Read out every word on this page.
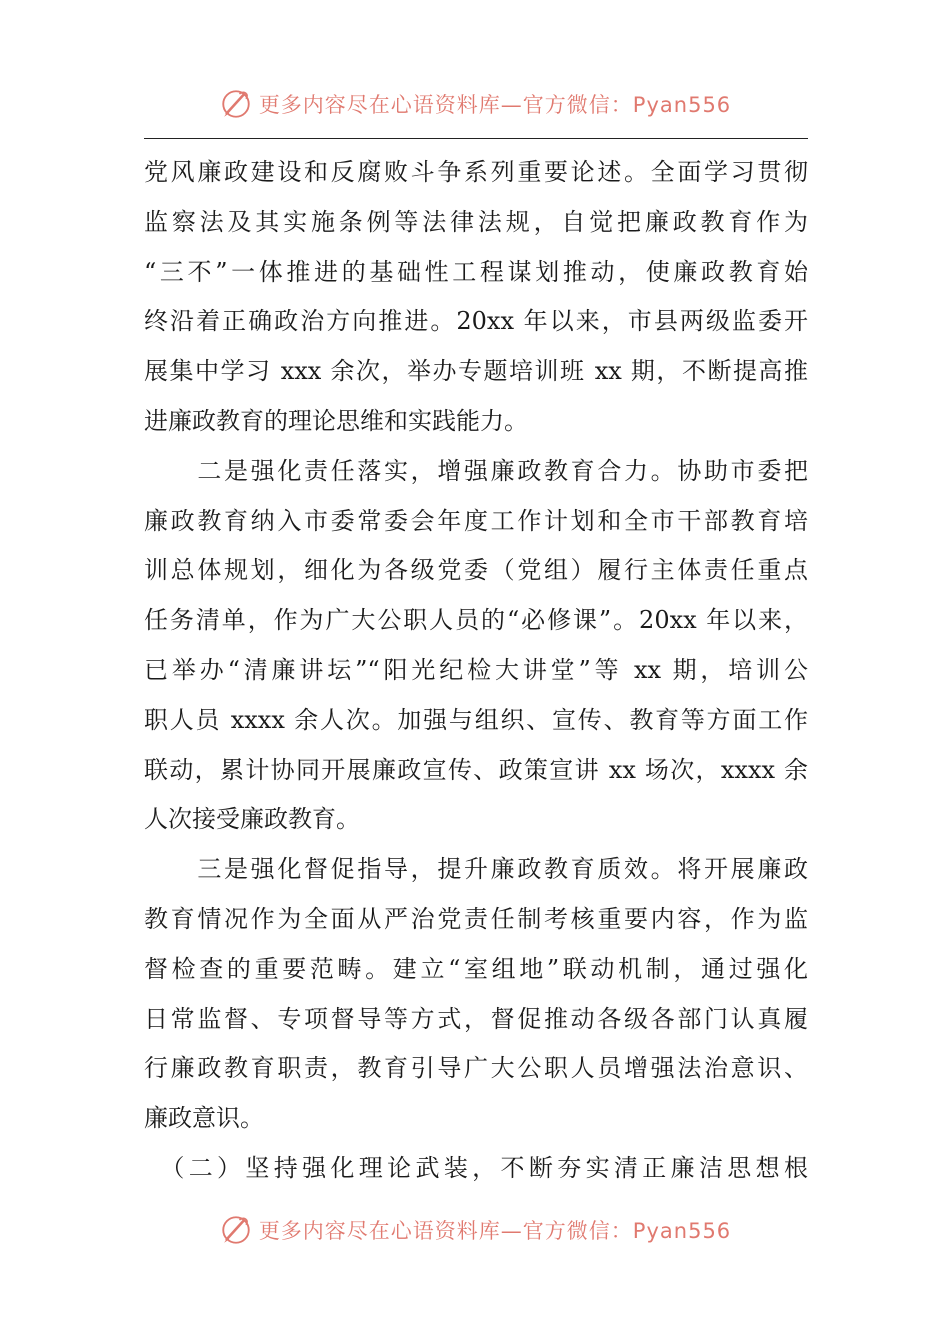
更多内容尽在心语资料库—官方微信：Pyan556
党风廉政建设和反腐败斗争系列重要论述。全面学习贯彻
监察法及其实施条例等法律法规，自觉把廉政教育作为
“三不”一体推进的基础性工程谋划推动，使廉政教育始
终沿着正确政治方向推进。20xx 年以来，市县两级监委开
展集中学习 xxx 余次，举办专题培训班 xx 期，不断提高推
进廉政教育的理论思维和实践能力。
　　二是强化责任落实，增强廉政教育合力。协助市委把
廉政教育纳入市委常委会年度工作计划和全市干部教育培
训总体规划，细化为各级党委（党组）履行主体责任重点
任务清单，作为广大公职人员的“必修课”。20xx 年以来，
已举办“清廉讲坛”“阳光纪检大讲堂”等 xx 期，培训公
职人员 xxxx 余人次。加强与组织、宣传、教育等方面工作
联动，累计协同开展廉政宣传、政策宣讲 xx 场次，xxxx 余
人次接受廉政教育。
　　三是强化督促指导，提升廉政教育质效。将开展廉政
教育情况作为全面从严治党责任制考核重要内容，作为监
督检查的重要范畴。建立“室组地”联动机制，通过强化
日常监督、专项督导等方式，督促推动各级各部门认真履
行廉政教育职责，教育引导广大公职人员增强法治意识、
廉政意识。
　（二）坚持强化理论武装，不断夯实清正廉洁思想根
更多内容尽在心语资料库—官方微信：Pyan556
